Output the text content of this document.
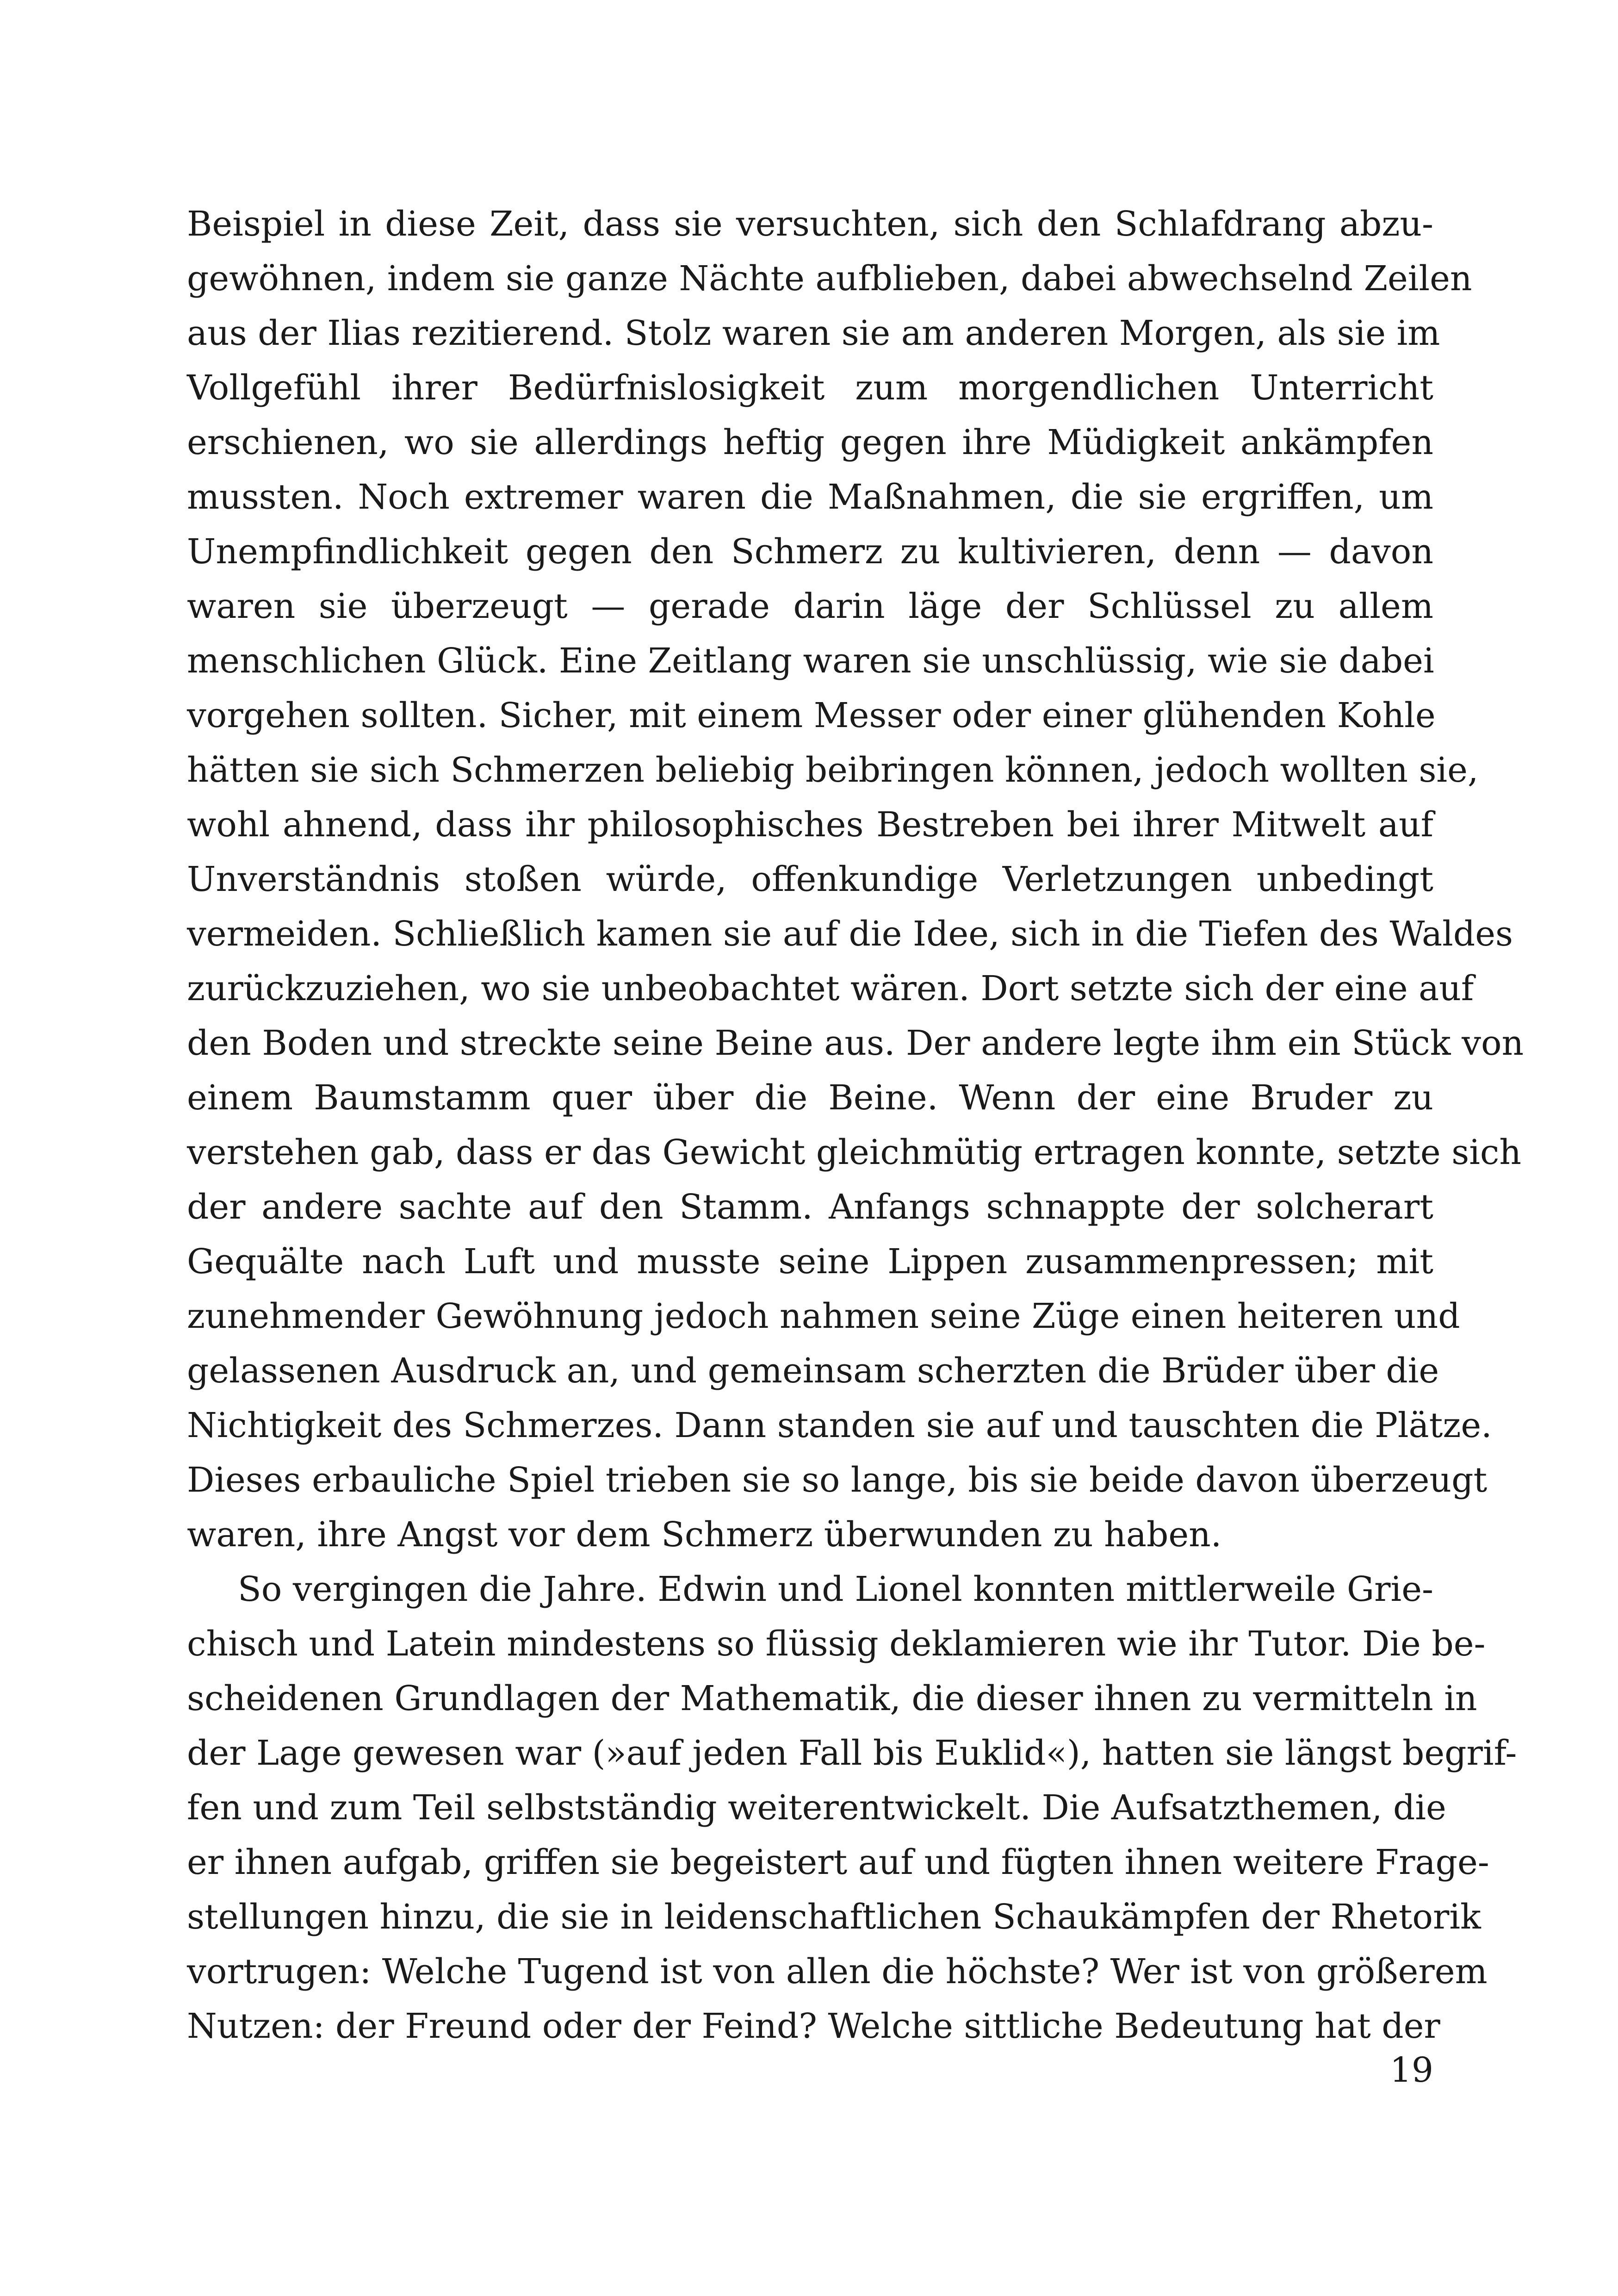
Beispiel in diese Zeit, dass sie versuchten, sich den Schlafdrang abzu-
gewöhnen, indem sie ganze Nächte aufblieben, dabei abwechselnd Zeilen
aus der Ilias rezitierend. Stolz waren sie am anderen Morgen, als sie im
Vollgefühl ihrer Bedürfnislosigkeit zum morgendlichen Unterricht
erschienen, wo sie allerdings heftig gegen ihre Müdigkeit ankämpfen
mussten. Noch extremer waren die Maßnahmen, die sie ergriffen, um
Unempfindlichkeit gegen den Schmerz zu kultivieren, denn — davon
waren sie überzeugt — gerade darin läge der Schlüssel zu allem
menschlichen Glück. Eine Zeitlang waren sie unschlüssig, wie sie dabei
vorgehen sollten. Sicher, mit einem Messer oder einer glühenden Kohle
hätten sie sich Schmerzen beliebig beibringen können, jedoch wollten sie,
wohl ahnend, dass ihr philosophisches Bestreben bei ihrer Mitwelt auf
Unverständnis stoßen würde, offenkundige Verletzungen unbedingt
vermeiden. Schließlich kamen sie auf die Idee, sich in die Tiefen des Waldes
zurückzuziehen, wo sie unbeobachtet wären. Dort setzte sich der eine auf
den Boden und streckte seine Beine aus. Der andere legte ihm ein Stück von
einem Baumstamm quer über die Beine. Wenn der eine Bruder zu
verstehen gab, dass er das Gewicht gleichmütig ertragen konnte, setzte sich
der andere sachte auf den Stamm. Anfangs schnappte der solcherart
Gequälte nach Luft und musste seine Lippen zusammenpressen; mit
zunehmender Gewöhnung jedoch nahmen seine Züge einen heiteren und
gelassenen Ausdruck an, und gemeinsam scherzten die Brüder über die
Nichtigkeit des Schmerzes. Dann standen sie auf und tauschten die Plätze.
Dieses erbauliche Spiel trieben sie so lange, bis sie beide davon überzeugt
waren, ihre Angst vor dem Schmerz überwunden zu haben.
So vergingen die Jahre. Edwin und Lionel konnten mittlerweile Grie-
chisch und Latein mindestens so flüssig deklamieren wie ihr Tutor. Die be-
scheidenen Grundlagen der Mathematik, die dieser ihnen zu vermitteln in
der Lage gewesen war (»auf jeden Fall bis Euklid«), hatten sie längst begrif-
fen und zum Teil selbstständig weiterentwickelt. Die Aufsatzthemen, die
er ihnen aufgab, griffen sie begeistert auf und fügten ihnen weitere Frage-
stellungen hinzu, die sie in leidenschaftlichen Schaukämpfen der Rhetorik
vortrugen: Welche Tugend ist von allen die höchste? Wer ist von größerem
Nutzen: der Freund oder der Feind? Welche sittliche Bedeutung hat der
19
